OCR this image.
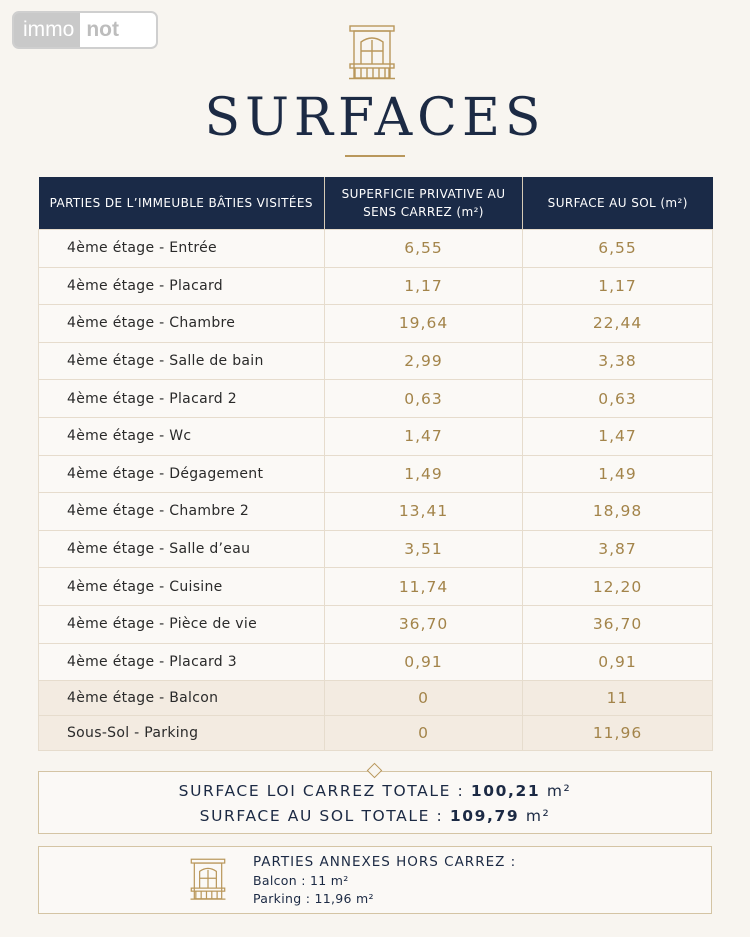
immo not
SURFACES
PARTIES DE L’IMMEUBLE BÂTIES VISITÉES	SUPERFICIE PRIVATIVE AU SENS CARREZ (m²)	SURFACE AU SOL (m²)
4ème étage - Entrée	6,55	6,55
4ème étage - Placard	1,17	1,17
4ème étage - Chambre	19,64	22,44
4ème étage - Salle de bain	2,99	3,38
4ème étage - Placard 2	0,63	0,63
4ème étage - Wc	1,47	1,47
4ème étage - Dégagement	1,49	1,49
4ème étage - Chambre 2	13,41	18,98
4ème étage - Salle d’eau	3,51	3,87
4ème étage - Cuisine	11,74	12,20
4ème étage - Pièce de vie	36,70	36,70
4ème étage - Placard 3	0,91	0,91
4ème étage - Balcon	0	11
Sous-Sol - Parking	0	11,96
SURFACE LOI CARREZ TOTALE : 100,21 m²
SURFACE AU SOL TOTALE : 109,79 m²
PARTIES ANNEXES HORS CARREZ :
Balcon : 11 m²
Parking : 11,96 m²
